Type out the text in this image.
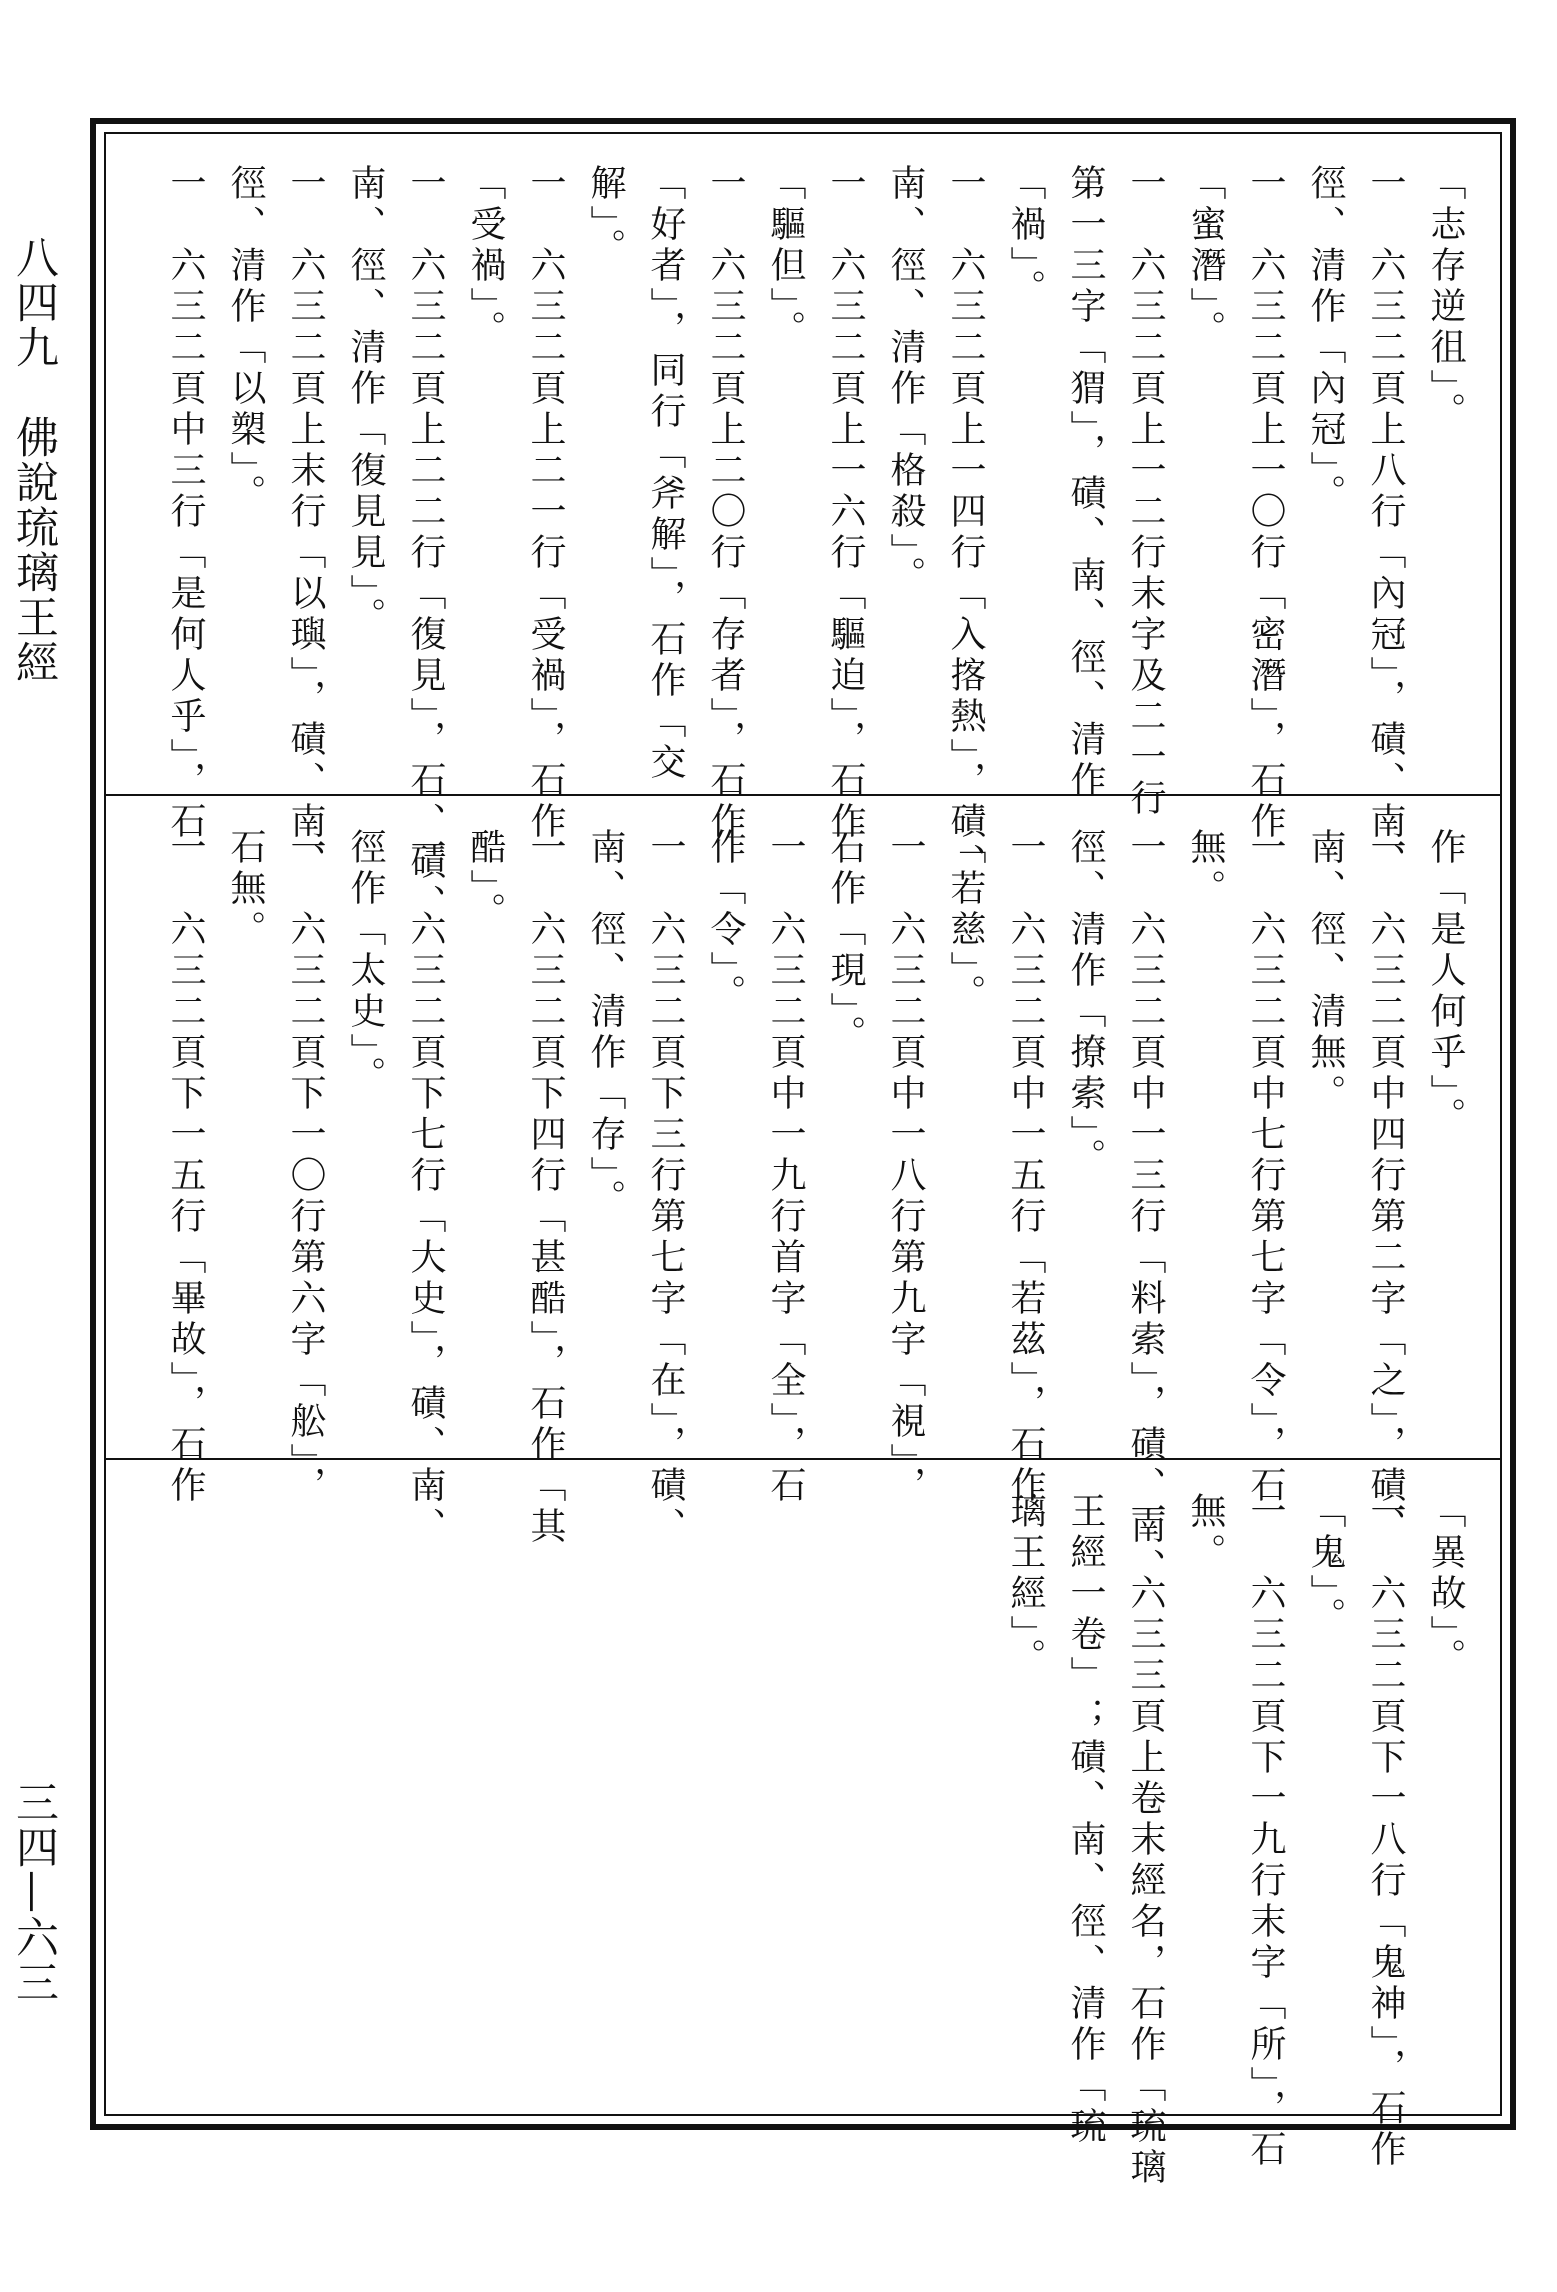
八四九　佛說琉璃王經
三四—六三
「志存逆徂」。
一　六三二頁上八行「內冠」，磧、南、
徑、清作「內冠」。
一　六三二頁上一〇行「密潛」，石作
「蜜潛」。
一　六三二頁上一二行末字及二一行
第一三字「猬」，磧、南、徑、清作
「禍」。
一　六三二頁上一四行「入揢熱」，磧、
南、徑、清作「格殺」。
一　六三二頁上一六行「驅迫」，石作
「驅但」。
一　六三二頁上二〇行「存者」，石作
「好者」，同行「斧解」，石作「交
解」。
一　六三二頁上二一行「受禍」，石作
「受禍」。
一　六三二頁上二二行「復見」，石、磧、
南、徑、清作「復見見」。
一　六三二頁上末行「以璵」，磧、南、
徑、清作「以槊」。
一　六三二頁中三行「是何人乎」，石
作「是人何乎」。
一　六三二頁中四行第二字「之」，磧、
南、徑、清無。
一　六三二頁中七行第七字「令」，石
無。
一　六三二頁中一三行「料索」，磧、南、
徑、清作「撩索」。
一　六三二頁中一五行「若茲」，石作
「若慈」。
一　六三二頁中一八行第九字「視」，
石作「現」。
一　六三二頁中一九行首字「全」，石
作「令」。
一　六三二頁下三行第七字「在」，磧、
南、徑、清作「存」。
一　六三二頁下四行「甚酷」，石作「其
酷」。
一　六三二頁下七行「大史」，磧、南、
徑作「太史」。
一　六三二頁下一〇行第六字「舩」，
石無。
一　六三二頁下一五行「畢故」，石作
「異故」。
一　六三二頁下一八行「鬼神」，石作
「鬼」。
一　六三二頁下一九行末字「所」，石
無。
一　六三三頁上卷末經名，石作「琉璃
王經一卷」；磧、南、徑、清作「琉
璃王經」。
